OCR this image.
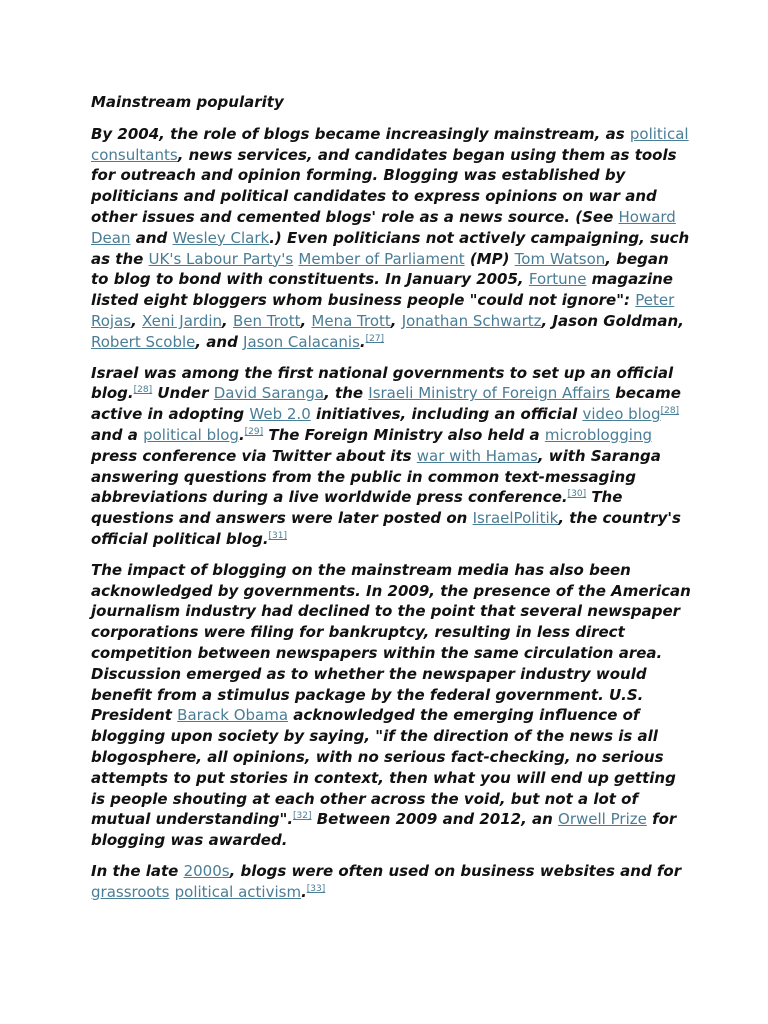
Mainstream popularity

By 2004, the role of blogs became increasingly mainstream, as political consultants, news services, and candidates began using them as tools for outreach and opinion forming. Blogging was established by politicians and political candidates to express opinions on war and other issues and cemented blogs' role as a news source. (See Howard Dean and Wesley Clark.) Even politicians not actively campaigning, such as the UK's Labour Party's Member of Parliament (MP) Tom Watson, began to blog to bond with constituents. In January 2005, Fortune magazine listed eight bloggers whom business people "could not ignore": Peter Rojas, Xeni Jardin, Ben Trott, Mena Trott, Jonathan Schwartz, Jason Goldman, Robert Scoble, and Jason Calacanis.[27]

Israel was among the first national governments to set up an official blog.[28] Under David Saranga, the Israeli Ministry of Foreign Affairs became active in adopting Web 2.0 initiatives, including an official video blog[28] and a political blog.[29] The Foreign Ministry also held a microblogging press conference via Twitter about its war with Hamas, with Saranga answering questions from the public in common text-messaging abbreviations during a live worldwide press conference.[30] The questions and answers were later posted on IsraelPolitik, the country's official political blog.[31]

The impact of blogging on the mainstream media has also been acknowledged by governments. In 2009, the presence of the American journalism industry had declined to the point that several newspaper corporations were filing for bankruptcy, resulting in less direct competition between newspapers within the same circulation area. Discussion emerged as to whether the newspaper industry would benefit from a stimulus package by the federal government. U.S. President Barack Obama acknowledged the emerging influence of blogging upon society by saying, "if the direction of the news is all blogosphere, all opinions, with no serious fact-checking, no serious attempts to put stories in context, then what you will end up getting is people shouting at each other across the void, but not a lot of mutual understanding".[32] Between 2009 and 2012, an Orwell Prize for blogging was awarded.

In the late 2000s, blogs were often used on business websites and for grassroots political activism.[33]
